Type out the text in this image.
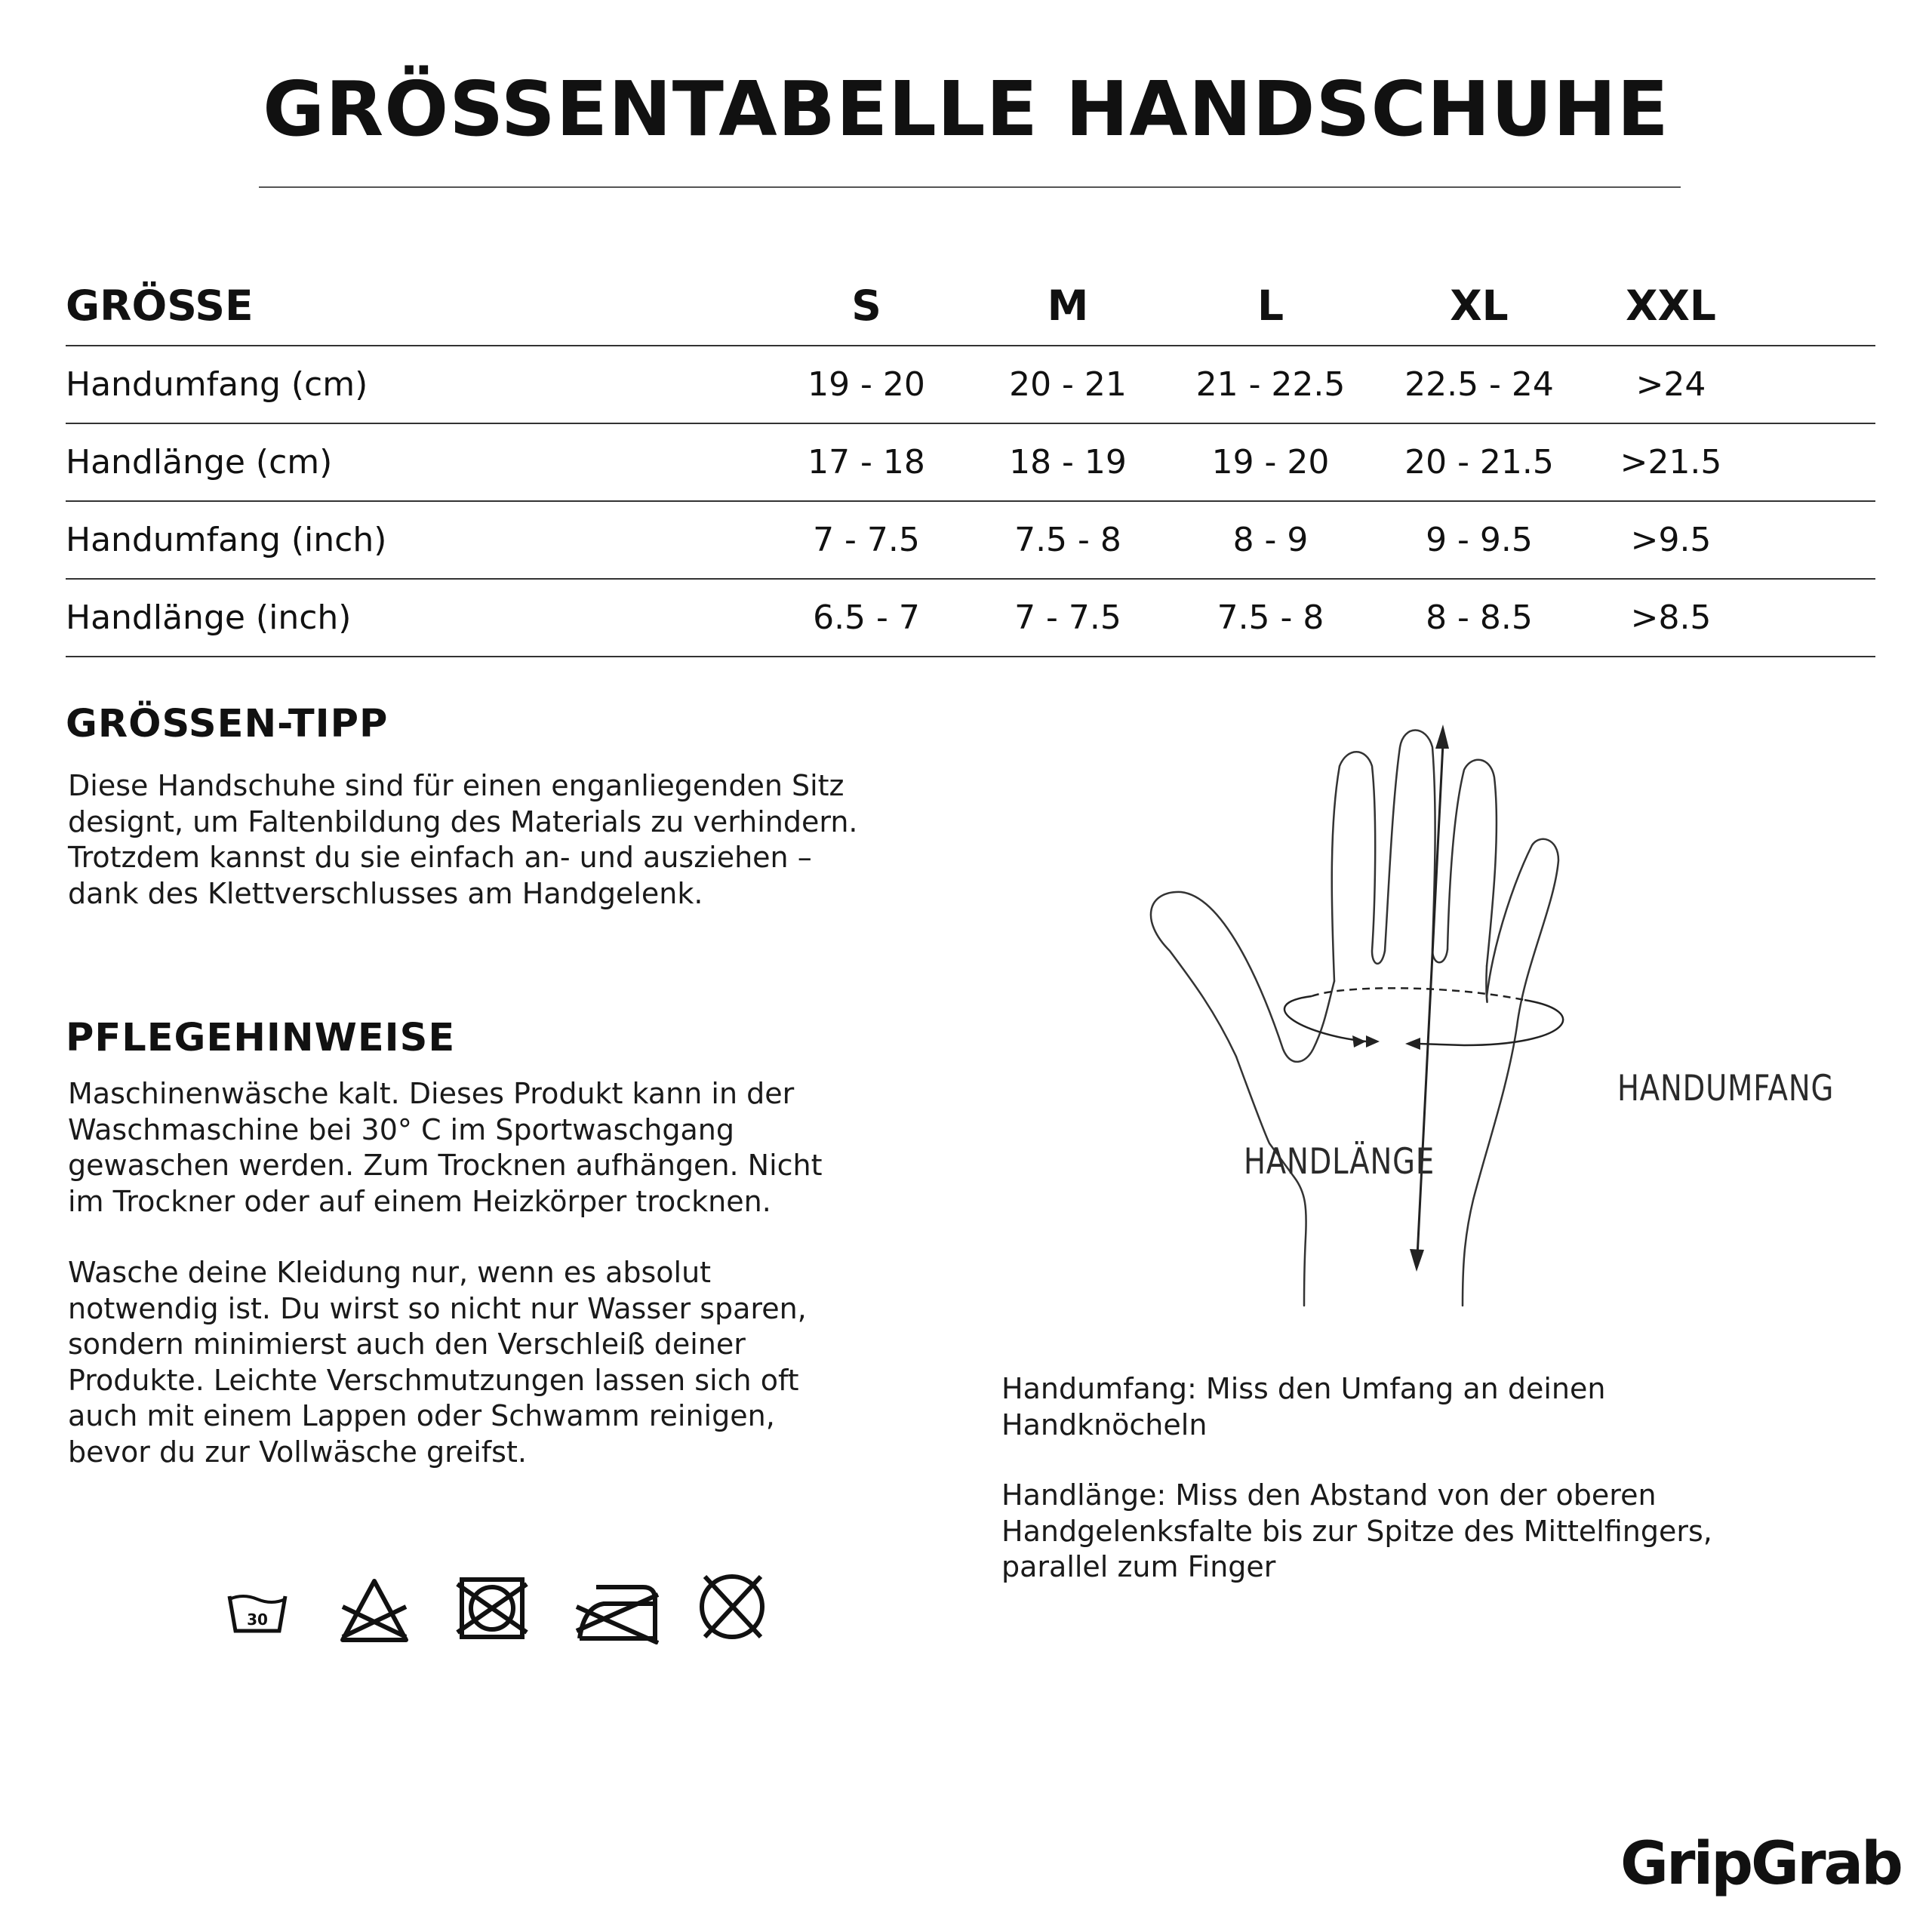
GRÖSSENTABELLE HANDSCHUHE
GRÖSSE	S	M	L	XL	XXL	
Handumfang (cm)	19 - 20	20 - 21	21 - 22.5	22.5 - 24	>24	
Handlänge (cm)	17 - 18	18 - 19	19 - 20	20 - 21.5	>21.5	
Handumfang (inch)	7 - 7.5	7.5 - 8	8 - 9	9 - 9.5	>9.5	
Handlänge (inch)	6.5 - 7	7 - 7.5	7.5 - 8	8 - 8.5	>8.5	
GRÖSSEN-TIPP
Diese Handschuhe sind für einen enganliegenden Sitz
designt, um Faltenbildung des Materials zu verhindern.
Trotzdem kannst du sie einfach an- und ausziehen –
dank des Klettverschlusses am Handgelenk.
PFLEGEHINWEISE
Maschinenwäsche kalt. Dieses Produkt kann in der
Waschmaschine bei 30° C im Sportwaschgang
gewaschen werden. Zum Trocknen aufhängen. Nicht
im Trockner oder auf einem Heizkörper trocknen.
Wasche deine Kleidung nur, wenn es absolut
notwendig ist. Du wirst so nicht nur Wasser sparen,
sondern minimierst auch den Verschleiß deiner
Produkte. Leichte Verschmutzungen lassen sich oft
auch mit einem Lappen oder Schwamm reinigen,
bevor du zur Vollwäsche greifst.
30

HANDUMFANG

HANDLÄNGE

Handumfang: Miss den Umfang an deinen
Handknöcheln
Handlänge: Miss den Abstand von der oberen
Handgelenksfalte bis zur Spitze des Mittelfingers,
parallel zum Finger

GripGrab
